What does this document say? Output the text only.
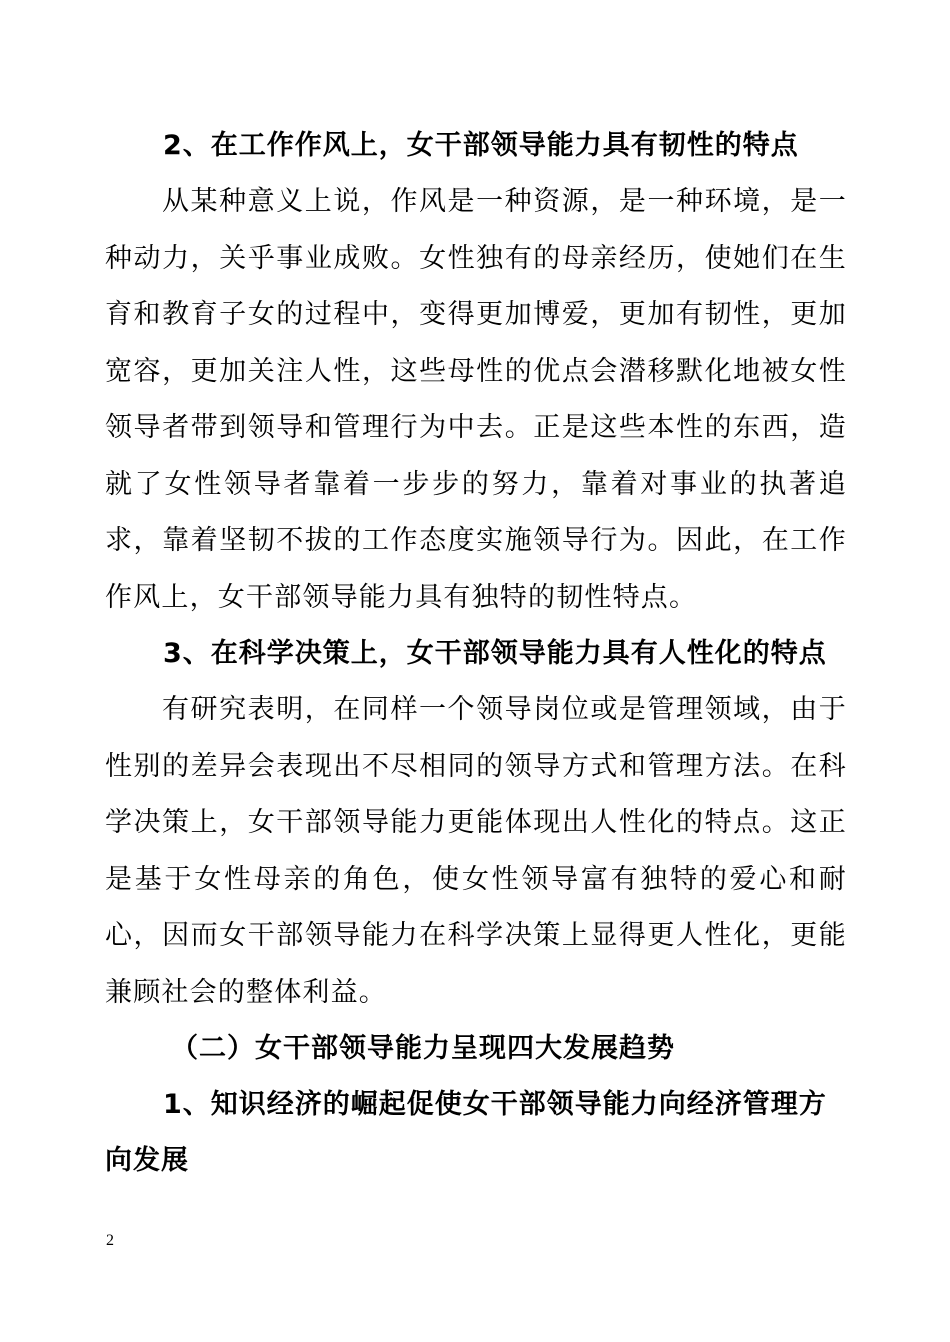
2、在工作作风上，女干部领导能力具有韧性的特点

从某种意义上说，作风是一种资源，是一种环境，是一种动力，关乎事业成败。女性独有的母亲经历，使她们在生育和教育子女的过程中，变得更加博爱，更加有韧性，更加宽容，更加关注人性，这些母性的优点会潜移默化地被女性领导者带到领导和管理行为中去。正是这些本性的东西，造就了女性领导者靠着一步步的努力，靠着对事业的执著追求，靠着坚韧不拔的工作态度实施领导行为。因此，在工作作风上，女干部领导能力具有独特的韧性特点。

3、在科学决策上，女干部领导能力具有人性化的特点

有研究表明，在同样一个领导岗位或是管理领域，由于性别的差异会表现出不尽相同的领导方式和管理方法。在科学决策上，女干部领导能力更能体现出人性化的特点。这正是基于女性母亲的角色，使女性领导富有独特的爱心和耐心，因而女干部领导能力在科学决策上显得更人性化，更能兼顾社会的整体利益。

（二）女干部领导能力呈现四大发展趋势

1、知识经济的崛起促使女干部领导能力向经济管理方向发展

2
